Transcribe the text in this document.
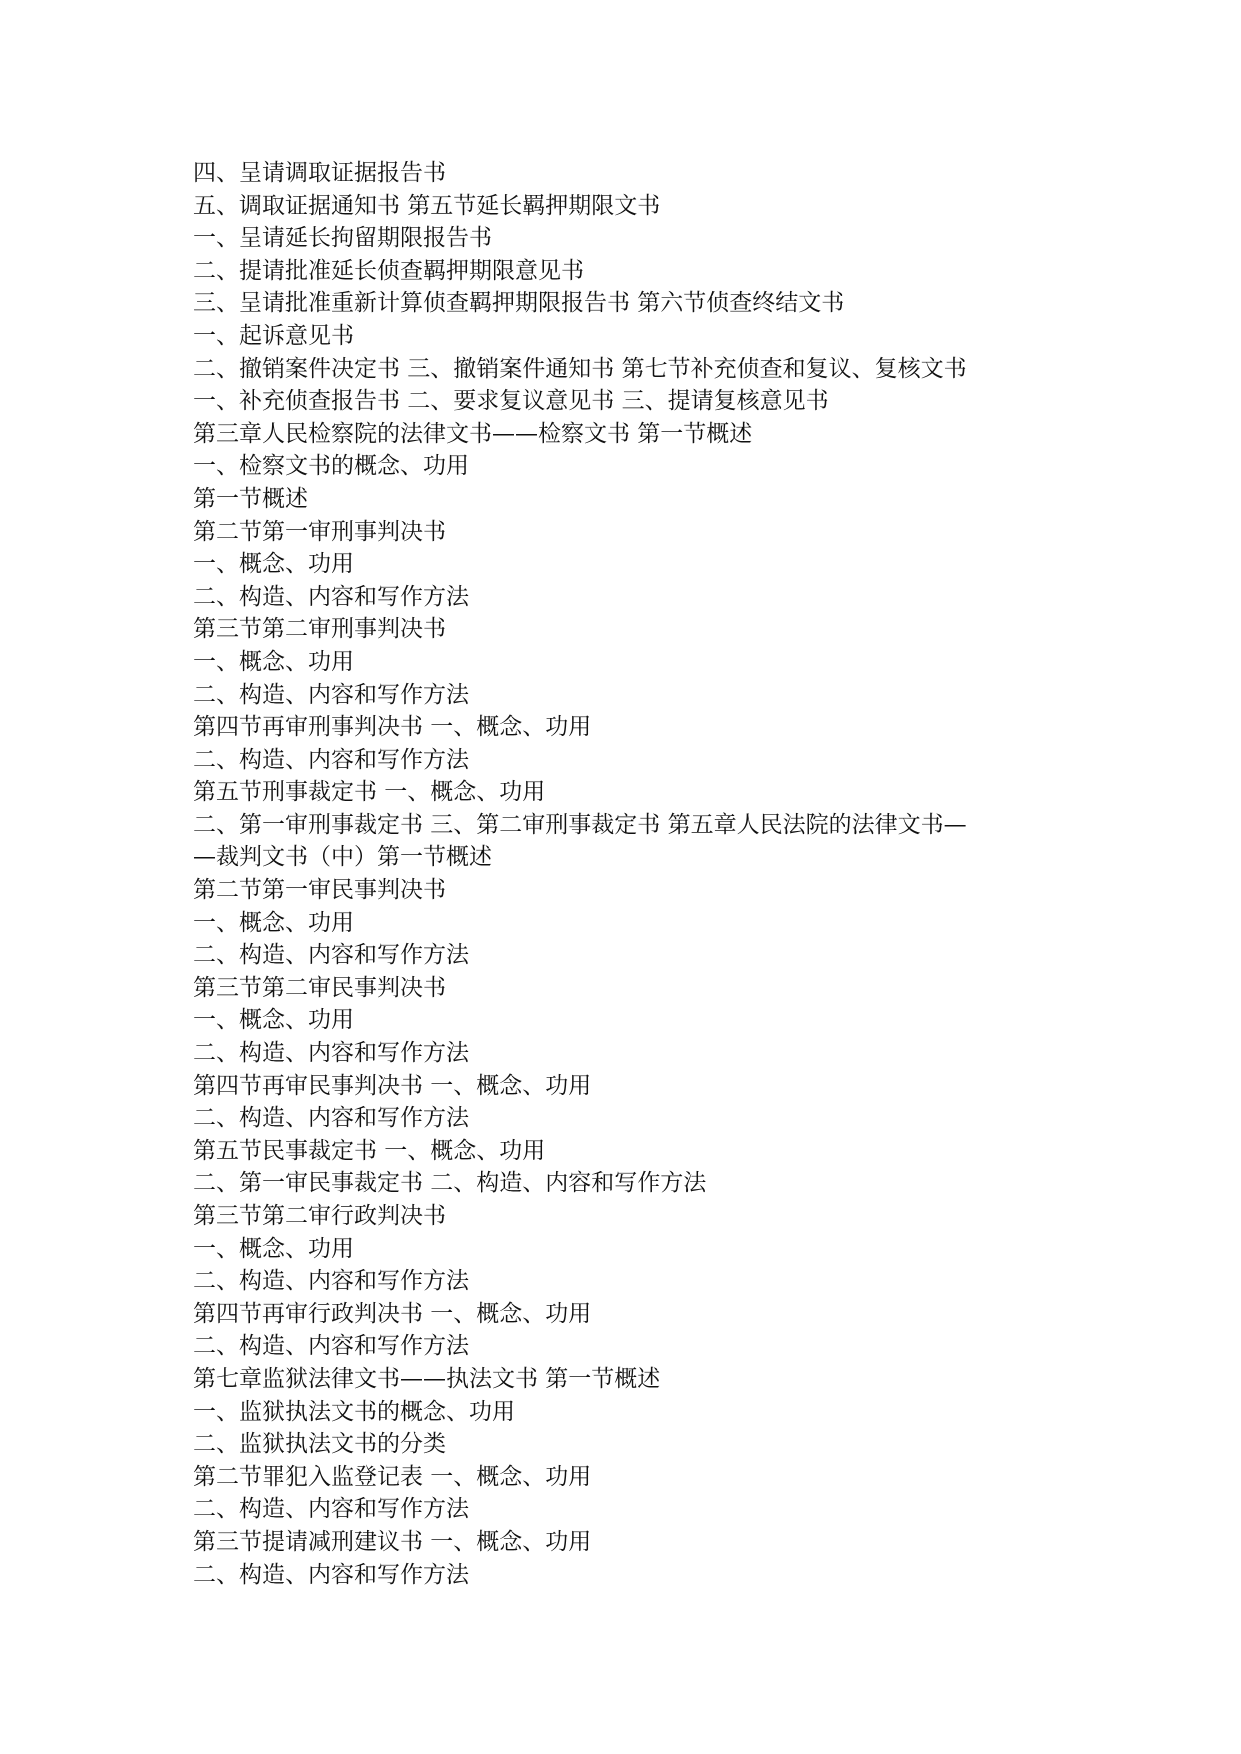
四、呈请调取证据报告书
五、调取证据通知书 第五节延长羁押期限文书
一、呈请延长拘留期限报告书
二、提请批准延长侦查羁押期限意见书
三、呈请批准重新计算侦查羁押期限报告书 第六节侦查终结文书
一、起诉意见书
二、撤销案件决定书 三、撤销案件通知书 第七节补充侦查和复议、复核文书
一、补充侦查报告书 二、要求复议意见书 三、提请复核意见书
第三章人民检察院的法律文书——检察文书 第一节概述
一、检察文书的概念、功用
第一节概述
第二节第一审刑事判决书
一、概念、功用
二、构造、内容和写作方法
第三节第二审刑事判决书
一、概念、功用
二、构造、内容和写作方法
第四节再审刑事判决书 一、概念、功用
二、构造、内容和写作方法
第五节刑事裁定书 一、概念、功用
二、第一审刑事裁定书 三、第二审刑事裁定书 第五章人民法院的法律文书—
—裁判文书（中）第一节概述
第二节第一审民事判决书
一、概念、功用
二、构造、内容和写作方法
第三节第二审民事判决书
一、概念、功用
二、构造、内容和写作方法
第四节再审民事判决书 一、概念、功用
二、构造、内容和写作方法
第五节民事裁定书 一、概念、功用
二、第一审民事裁定书 二、构造、内容和写作方法
第三节第二审行政判决书
一、概念、功用
二、构造、内容和写作方法
第四节再审行政判决书 一、概念、功用
二、构造、内容和写作方法
第七章监狱法律文书——执法文书 第一节概述
一、监狱执法文书的概念、功用
二、监狱执法文书的分类
第二节罪犯入监登记表 一、概念、功用
二、构造、内容和写作方法
第三节提请减刑建议书 一、概念、功用
二、构造、内容和写作方法
